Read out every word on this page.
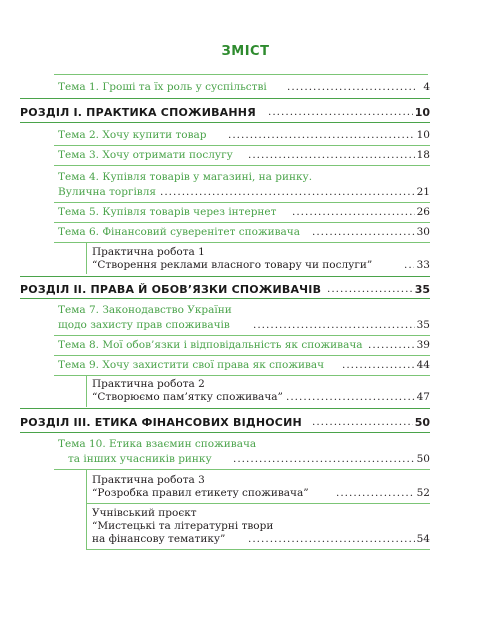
ЗМІСТ
Тема 1. Гроші та їх роль у суспільстві .....	4
РОЗДІЛ І. ПРАКТИКА СПОЖИВАННЯ .....	10
Тема 2. Хочу купити товар .....	10
Тема 3. Хочу отримати послугу .....	18
Тема 4. Купівля товарів у магазині, на ринку.
Вулична торгівля .....	21
Тема 5. Купівля товарів через інтернет .....	26
Тема 6. Фінансовий суверенітет споживача .....	30
Практична робота 1
“Створення реклами власного товару чи послуги” .....	33
РОЗДІЛ ІІ. ПРАВА Й ОБОВ’ЯЗКИ СПОЖИВАЧІВ .....	35
Тема 7. Законодавство України
щодо захисту прав споживачів .....	35
Тема 8. Мої обов’язки і відповідальність як споживача .....	39
Тема 9. Хочу захистити свої права як споживач .....	44
Практична робота 2
“Створюємо пам’ятку споживача” .....	47
РОЗДІЛ ІІІ. ЕТИКА ФІНАНСОВИХ ВІДНОСИН .....	50
Тема 10. Етика взаємин споживача
та інших учасників ринку .....	50
Практична робота 3
“Розробка правил етикету споживача” .....	52
Учнівський проєкт
“Мистецькі та літературні твори
на фінансову тематику” .....	54
